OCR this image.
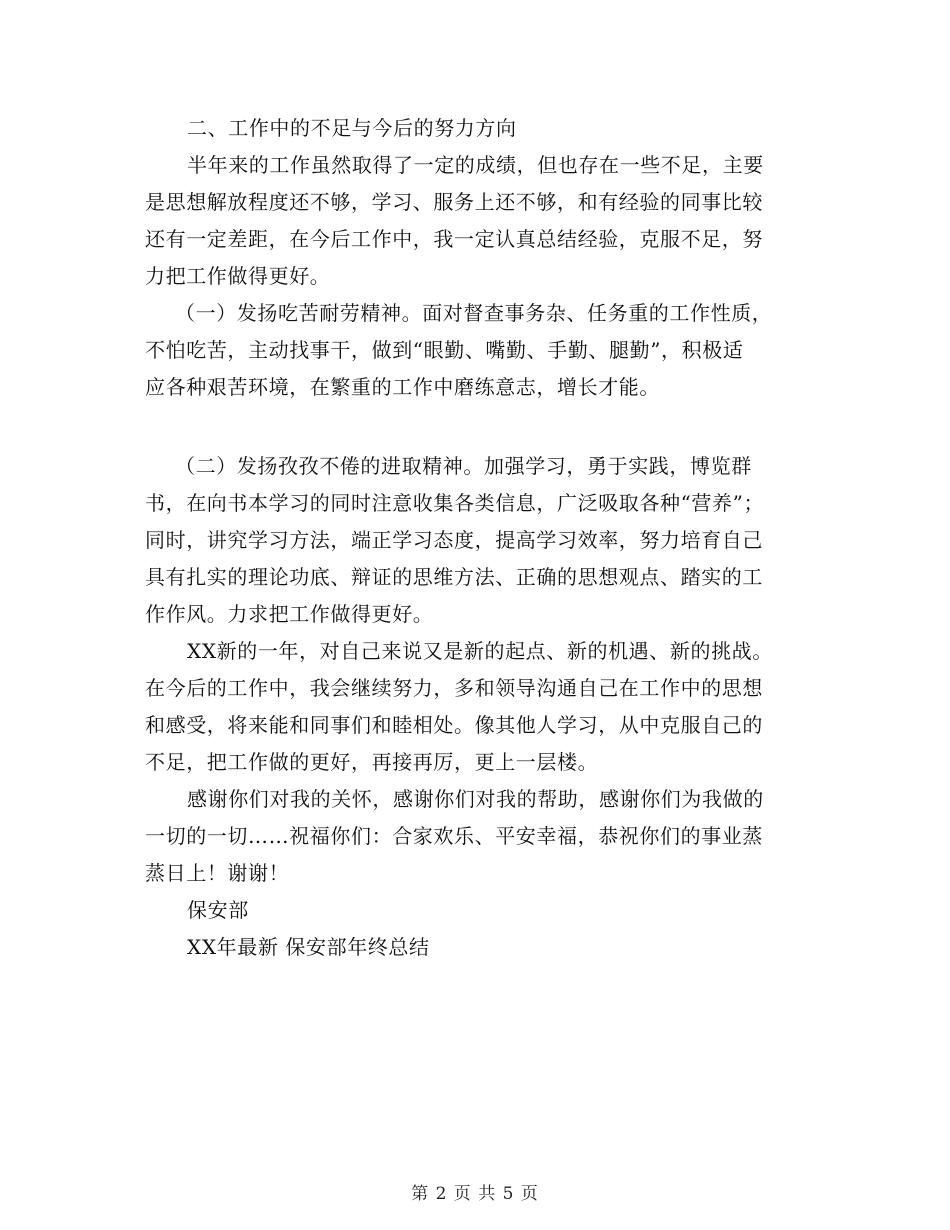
二、工作中的不足与今后的努力方向
半年来的工作虽然取得了一定的成绩，但也存在一些不足，主要
是思想解放程度还不够，学习、服务上还不够，和有经验的同事比较
还有一定差距，在今后工作中，我一定认真总结经验，克服不足，努
力把工作做得更好。
（一）发扬吃苦耐劳精神。面对督查事务杂、任务重的工作性质，
不怕吃苦，主动找事干，做到“眼勤、嘴勤、手勤、腿勤”，积极适
应各种艰苦环境，在繁重的工作中磨练意志，增长才能。
（二）发扬孜孜不倦的进取精神。加强学习，勇于实践，博览群
书，在向书本学习的同时注意收集各类信息，广泛吸取各种“营养”；
同时，讲究学习方法，端正学习态度，提高学习效率，努力培育自己
具有扎实的理论功底、辩证的思维方法、正确的思想观点、踏实的工
作作风。力求把工作做得更好。
XX新的一年，对自己来说又是新的起点、新的机遇、新的挑战。
在今后的工作中，我会继续努力，多和领导沟通自己在工作中的思想
和感受，将来能和同事们和睦相处。像其他人学习，从中克服自己的
不足，把工作做的更好，再接再厉，更上一层楼。
感谢你们对我的关怀，感谢你们对我的帮助，感谢你们为我做的
一切的一切……祝福你们：合家欢乐、平安幸福，恭祝你们的事业蒸
蒸日上！谢谢！
保安部
XX年最新 保安部年终总结
第 2 页 共 5 页
